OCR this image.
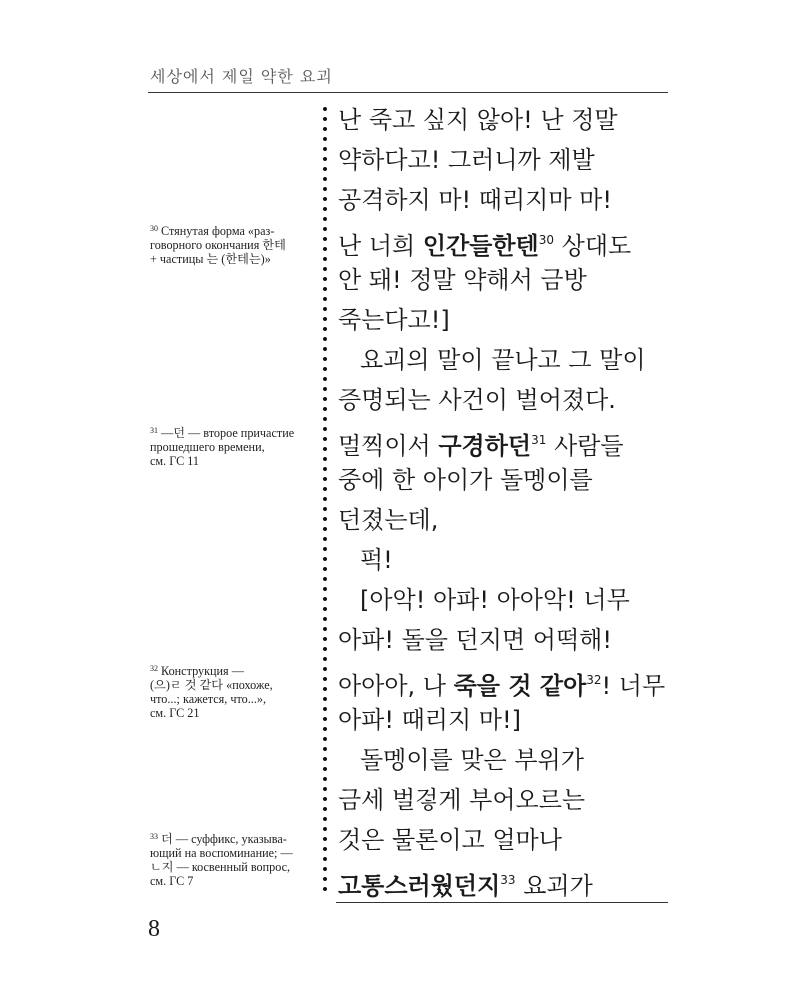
세상에서 제일 약한 요괴
난 죽고 싶지 않아! 난 정말
약하다고! 그러니까 제발
공격하지 마! 때리지마 마!
난 너희 인간들한텐$^{30}$ 상대도
안 돼! 정말 약해서 금방
죽는다고!]
요괴의 말이 끝나고 그 말이
증명되는 사건이 벌어졌다.
멀찍이서 구경하던$^{31}$ 사람들
중에 한 아이가 돌멩이를
던졌는데,
퍽!
[아악! 아파! 아아악! 너무
아파! 돌을 던지면 어떡해!
아아아, 나 죽을 것 같아$^{32}$! 너무
아파! 때리지 마!]
돌멩이를 맞은 부위가
금세 벌겋게 부어오르는
것은 물론이고 얼마나
고통스러웠던지$^{33}$ 요괴가
$^{30}$ Стянутая форма «раз-
говорного окончания 한테
+ частицы 는 (한테는)»
$^{31}$ —던 — второе причастие
прошедшего времени,
см. ГС 11
$^{32}$ Конструкция —
(으)ㄹ 것 같다 «похоже,
что...; кажется, что...»,
см. ГС 21
$^{33}$ 더 — суффикс, указыва-
ющий на воспоминание; —
ㄴ지 — косвенный вопрос,
см. ГС 7
8
